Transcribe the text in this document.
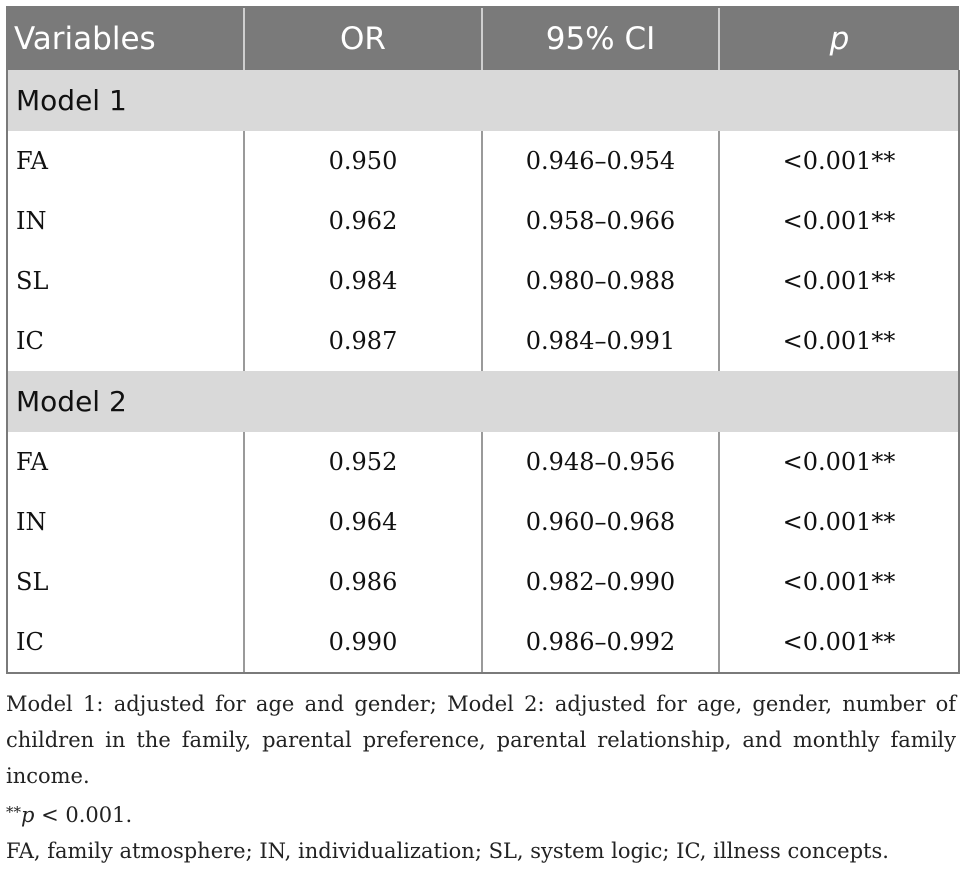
Variables	OR	95% CI	p
Model 1			
FA	0.950	0.946–0.954	<0.001**
IN	0.962	0.958–0.966	<0.001**
SL	0.984	0.980–0.988	<0.001**
IC	0.987	0.984–0.991	<0.001**
Model 2			
FA	0.952	0.948–0.956	<0.001**
IN	0.964	0.960–0.968	<0.001**
SL	0.986	0.982–0.990	<0.001**
IC	0.990	0.986–0.992	<0.001**

Model 1: adjusted for age and gender; Model 2: adjusted for age, gender, number of children in the family, parental preference, parental relationship, and monthly family income.

**p < 0.001.

FA, family atmosphere; IN, individualization; SL, system logic; IC, illness concepts.
